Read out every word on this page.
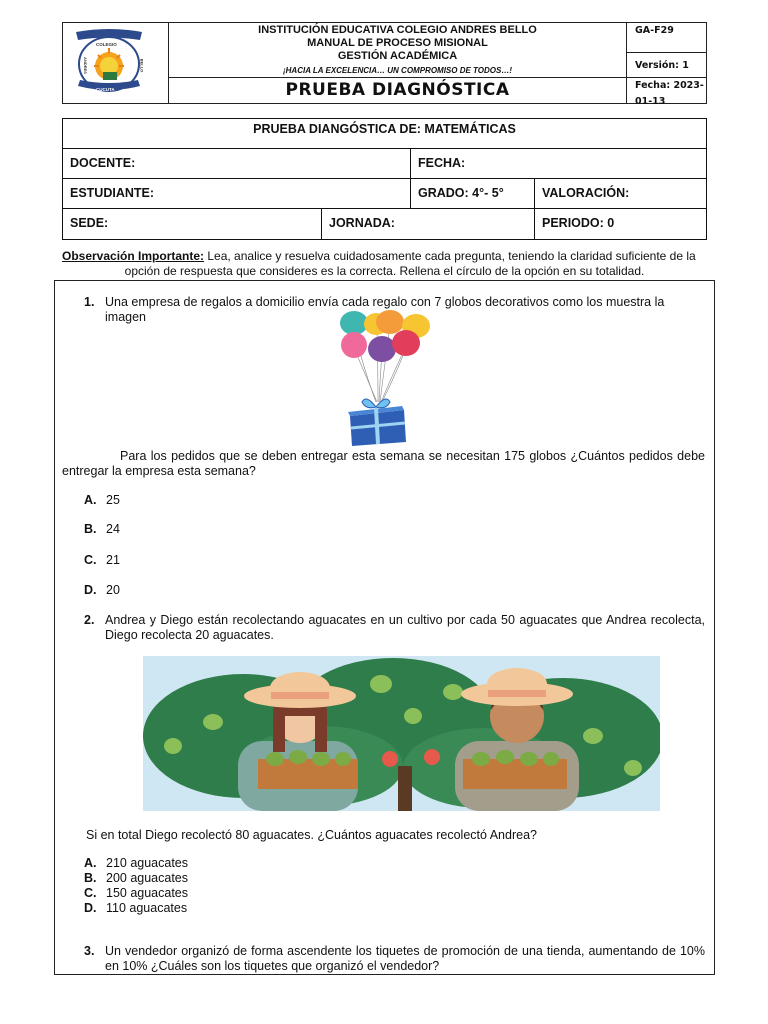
COLEGIO
ANDRES	BELLO
CUCUTA
INSTITUCIÓN EDUCATIVA COLEGIO ANDRES BELLO
MANUAL DE PROCESO MISIONAL
GESTIÓN ACADÉMICA
¡HACIA LA EXCELENCIA… UN COMPROMISO DE TODOS…!
PRUEBA DIAGNÓSTICA
GA-F29
Versión: 1
Fecha: 2023-01-13
PRUEBA DIANGÓSTICA DE: MATEMÁTICAS
DOCENTE:	FECHA:
ESTUDIANTE:	GRADO: 4°- 5°	VALORACIÓN:
SEDE:	JORNADA:	PERIODO: 0
Observación Importante: Lea, analice y resuelva cuidadosamente cada pregunta, teniendo la claridad suficiente de la
opción de respuesta que consideres es la correcta. Rellena el círculo de la opción en su totalidad.
1. Una empresa de regalos a domicilio envía cada regalo con 7 globos decorativos como los muestra la imagen
Para los pedidos que se deben entregar esta semana se necesitan 175 globos ¿Cuántos pedidos debe entregar la empresa esta semana?
A. 25
B. 24
C. 21
D. 20
2. Andrea y Diego están recolectando aguacates en un cultivo por cada 50 aguacates que Andrea recolecta, Diego recolecta 20 aguacates.
Si en total Diego recolectó 80 aguacates. ¿Cuántos aguacates recolectó Andrea?
A. 210 aguacates
B. 200 aguacates
C. 150 aguacates
D. 110 aguacates
3. Un vendedor organizó de forma ascendente los tiquetes de promoción de una tienda, aumentando de 10% en 10% ¿Cuáles son los tiquetes que organizó el vendedor?
